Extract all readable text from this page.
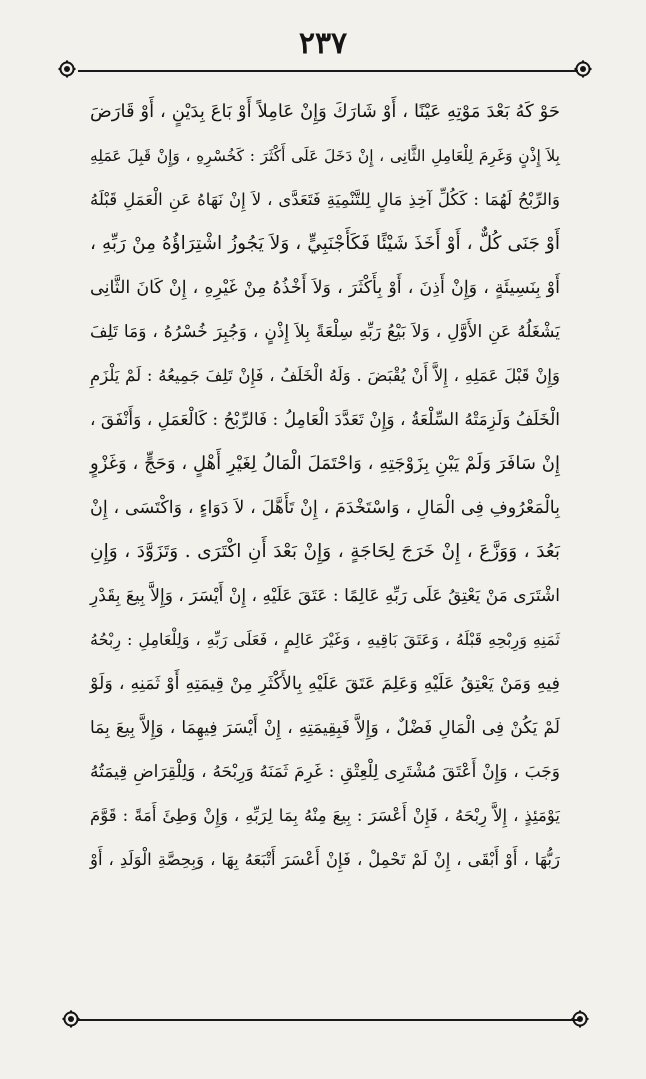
٢٣٧
حَوْ كَهُ بَعْدَ مَوْتِهِ عَيْنًا ، أَوْ شَارَكَ وَإِنْ عَامِلاً أَوْ بَاعَ بِدَيْنٍ ، أَوْ قَارَضَ
بِلاَ إِذْنٍ وَغَرِمَ لِلْعَامِلِ الثَّانِى ، إِنْ دَخَلَ عَلَى أَكْثَرَ : كَخُسْرِهِ ، وَإِنْ قَبِلَ عَمَلِهِ
وَالرِّبْحُ لَهُمَا : كَكُلِّ آخِذِ مَالٍ لِلتَّنْمِيَةِ فَتَعَدَّى ، لاَ إِنْ نَهَاهُ عَنِ الْعَمَلِ قَبْلَهُ
أَوْ جَنَى كُلٌّ ، أَوْ أَخَذَ شَيْئًا فَكَأَجْنَبِيٍّ ، وَلاَ يَجُوزُ اشْتِرَاؤُهُ مِنْ رَبِّهِ ،
أَوْ بِنَسِيئَةٍ ، وَإِنْ أَذِنَ ، أَوْ بِأَكْثَرَ ، وَلاَ أَخْذُهُ مِنْ غَيْرِهِ ، إِنْ كَانَ الثَّانِى
يَشْغَلُهُ عَنِ الأَوَّلِ ، وَلاَ بَيْعُ رَبِّهِ سِلْعَةً بِلاَ إِذْنٍ ، وَجُبِرَ خُسْرُهُ ، وَمَا تَلِفَ
وَإِنْ قَبْلَ عَمَلِهِ ، إِلاَّ أَنْ يُقْبَضَ . وَلَهُ الْخَلَفُ ، فَإِنْ تَلِفَ جَمِيعُهُ : لَمْ يَلْزَمِ
الْخَلَفُ وَلَزِمَتْهُ السِّلْعَةُ ، وَإِنْ تَعَدَّدَ الْعَامِلُ : فَالرِّبْحُ : كَالْعَمَلِ ، وَأَنْفَقَ ،
إِنْ سَافَرَ وَلَمْ يَبْنِ بِزَوْجَتِهِ ، وَاحْتَمَلَ الْمَالُ لِغَيْرِ أَهْلٍ ، وَحَجٍّ ، وَغَزْوٍ
بِالْمَعْرُوفِ فِى الْمَالِ ، وَاسْتَخْدَمَ ، إِنْ تَأَهَّلَ ، لاَ دَوَاءٍ ، وَاكْتَسَى ، إِنْ
بَعُدَ ، وَوَزَّعَ ، إِنْ خَرَجَ لِحَاجَةٍ ، وَإِنْ بَعْدَ أَنِ اكْتَرَى . وَتَزَوَّدَ ، وَإِنِ
اشْتَرَى مَنْ يَعْتِقُ عَلَى رَبِّهِ عَالِمًا : عَتَقَ عَلَيْهِ ، إِنْ أَيْسَرَ ، وَإِلاَّ بِيعَ بِقَدْرِ
ثَمَنِهِ وَرِبْحِهِ قَبْلَهُ ، وَعَتَقَ بَاقِيهِ ، وَغَيْرَ عَالِمٍ ، فَعَلَى رَبِّهِ ، وَلِلْعَامِلِ : رِبْحُهُ
فِيهِ وَمَنْ يَعْتِقُ عَلَيْهِ وَعَلِمَ عَتَقَ عَلَيْهِ بِالأَكْثَرِ مِنْ قِيمَتِهِ أَوْ ثَمَنِهِ ، وَلَوْ
لَمْ يَكُنْ فِى الْمَالِ فَضْلٌ ، وَإِلاَّ فَبِقِيمَتِهِ ، إِنْ أَيْسَرَ فِيهِمَا ، وَإِلاَّ بِيعَ بِمَا
وَجَبَ ، وَإِنْ أَعْتَقَ مُشْتَرِى لِلْعِتْقِ : غَرِمَ ثَمَنَهُ وَرِبْحَهُ ، وَلِلْقِرَاضِ قِيمَتُهُ
يَوْمَئِذٍ ، إِلاَّ رِبْحَهُ ، فَإِنْ أَعْسَرَ : بِيعَ مِنْهُ بِمَا لِرَبِّهِ ، وَإِنْ وَطِئَ أَمَةً : قَوَّمَ
رَبُّهَا ، أَوْ أَبْقَى ، إِنْ لَمْ تَحْمِلْ ، فَإِنْ أَعْسَرَ أَتْبَعَهُ بِهَا ، وَبِحِصَّةِ الْوَلَدِ ، أَوْ
